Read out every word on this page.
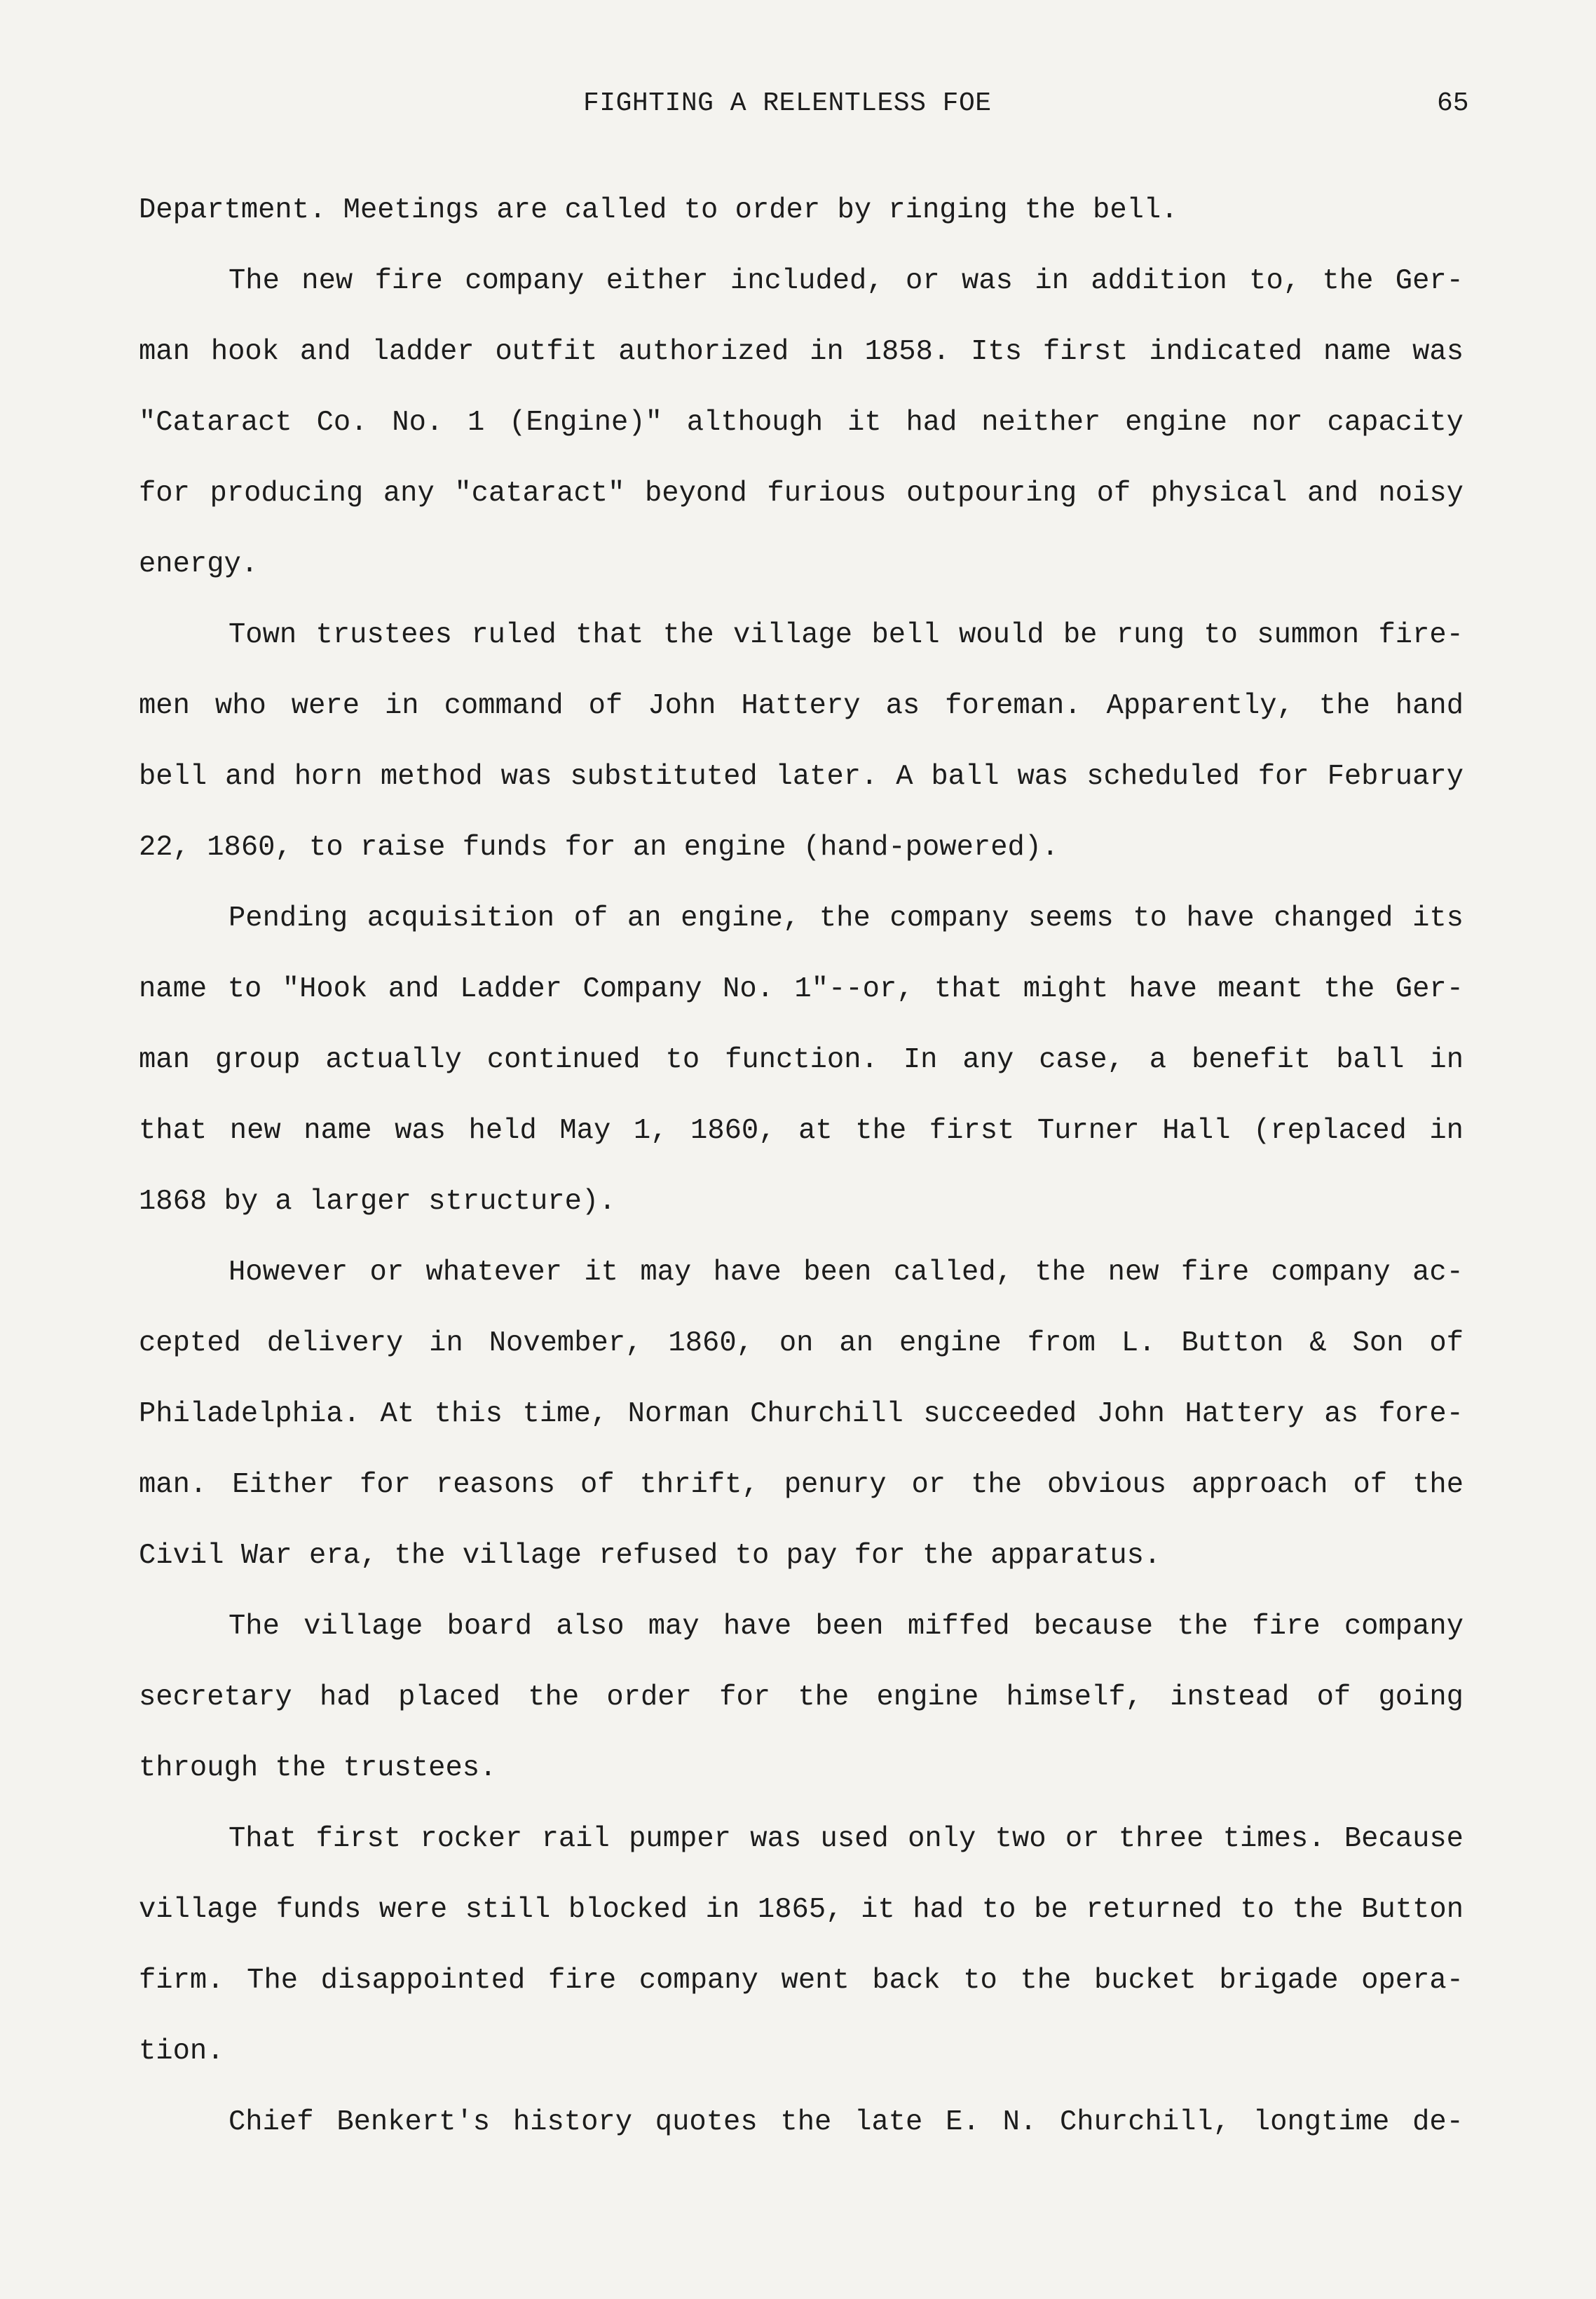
FIGHTING A RELENTLESS FOE	65
Department. Meetings are called to order by ringing the bell.
The new fire company either included, or was in addition to, the Ger-
man hook and ladder outfit authorized in 1858. Its first indicated name was
"Cataract Co. No. 1 (Engine)" although it had neither engine nor capacity
for producing any "cataract" beyond furious outpouring of physical and noisy
energy.
Town trustees ruled that the village bell would be rung to summon fire-
men who were in command of John Hattery as foreman. Apparently, the hand
bell and horn method was substituted later. A ball was scheduled for February
22, 1860, to raise funds for an engine (hand-powered).
Pending acquisition of an engine, the company seems to have changed its
name to "Hook and Ladder Company No. 1"--or, that might have meant the Ger-
man group actually continued to function. In any case, a benefit ball in
that new name was held May 1, 1860, at the first Turner Hall (replaced in
1868 by a larger structure).
However or whatever it may have been called, the new fire company ac-
cepted delivery in November, 1860, on an engine from L. Button & Son of
Philadelphia. At this time, Norman Churchill succeeded John Hattery as fore-
man. Either for reasons of thrift, penury or the obvious approach of the
Civil War era, the village refused to pay for the apparatus.
The village board also may have been miffed because the fire company
secretary had placed the order for the engine himself, instead of going
through the trustees.
That first rocker rail pumper was used only two or three times. Because
village funds were still blocked in 1865, it had to be returned to the Button
firm. The disappointed fire company went back to the bucket brigade opera-
tion.
Chief Benkert's history quotes the late E. N. Churchill, longtime de-
